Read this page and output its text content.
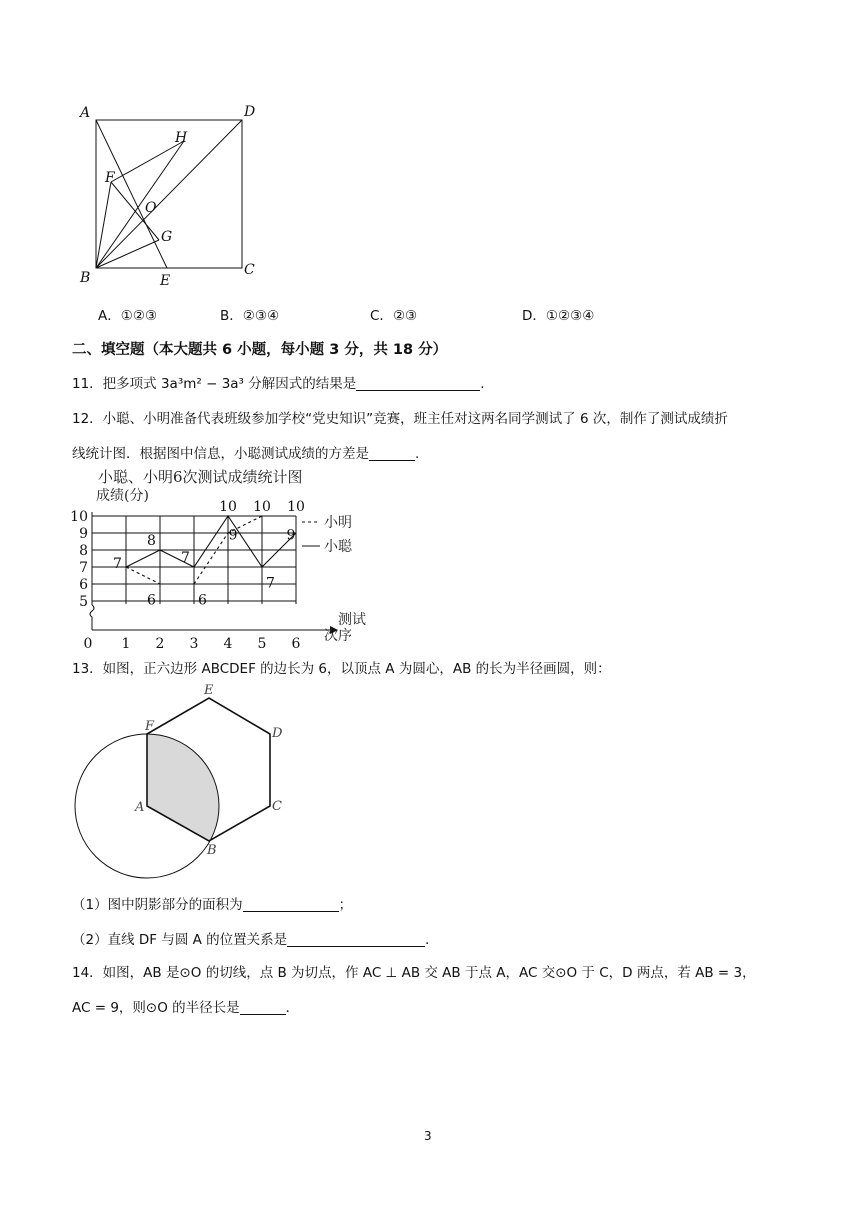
A	D
H
F
O
G
B	E
C
A．①②③	B．②③④	C．②③	D．①②③④
二、填空题（本大题共 6 小题，每小题 3 分，共 18 分）
11．把多项式 3a³m² − 3a³ 分解因式的结果是	.
12．小聪、小明准备代表班级参加学校“党史知识”竞赛，班主任对这两名同学测试了 6 次，制作了测试成绩折
线统计图．根据图中信息，小聪测试成绩的方差是	.
小聪、小明6次测试成绩统计图
成绩(分)
5
6
7
8
9
10
0 1 2 3 4 5 6
7
8
7
10 10 10
6	6
9
7
9
小明
小聪
测试
次序
13．如图，正六边形 ABCDEF 的边长为 6，以顶点 A 为圆心，AB 的长为半径画圆，则：
E
F	D
A	C
B
（1）图中阴影部分的面积为	；
（2）直线 DF 与圆 A 的位置关系是	．
14．如图，AB 是⊙O 的切线，点 B 为切点，作 AC ⊥ AB 交 AB 于点 A，AC 交⊙O 于 C，D 两点，若 AB = 3，
AC = 9，则⊙O 的半径长是	．
3
